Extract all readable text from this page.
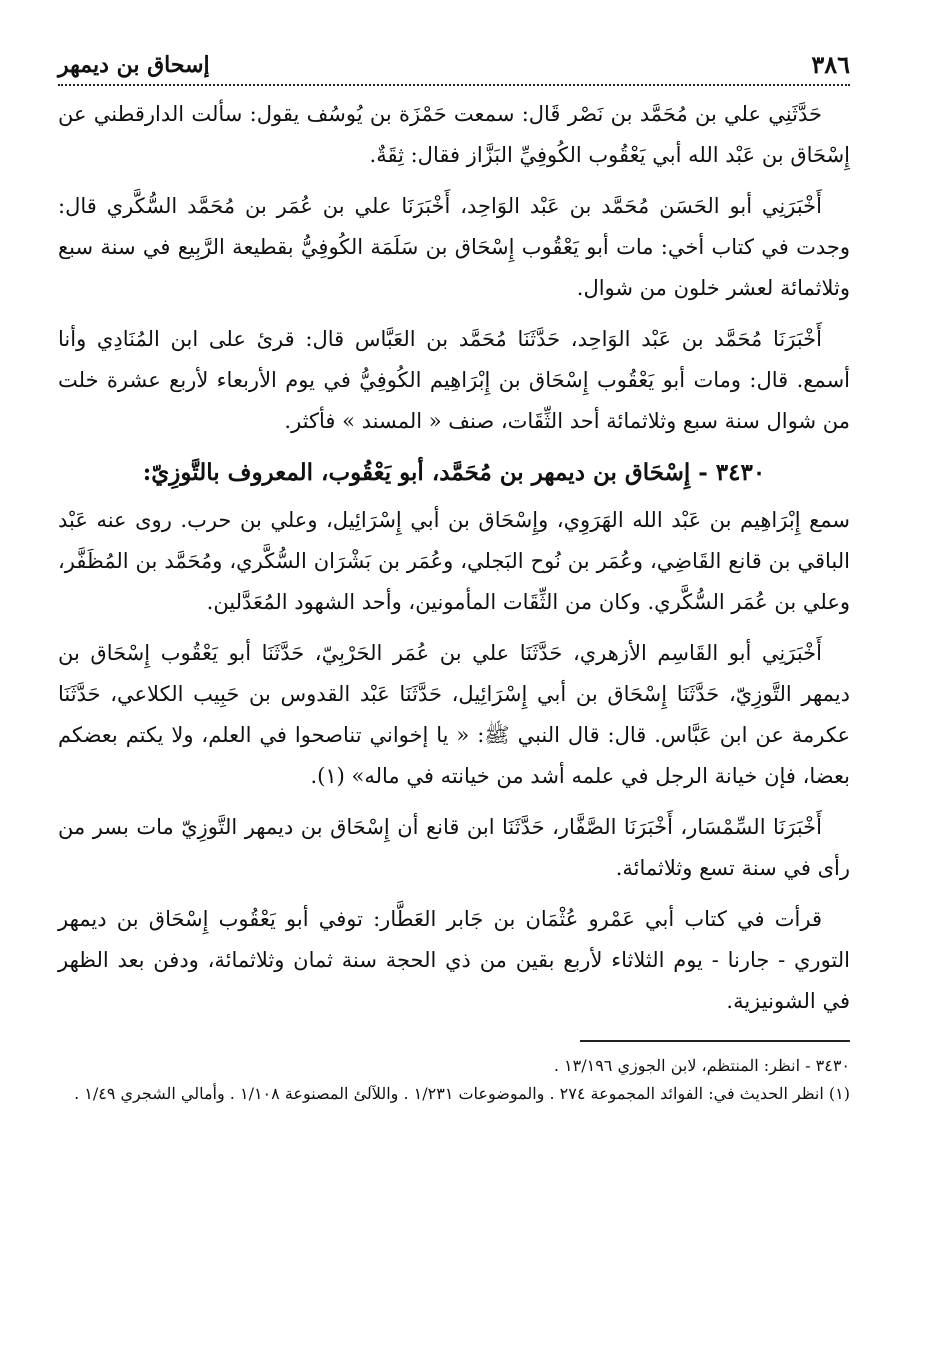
٣٨٦
إسحاق بن ديمهر

حَدَّثَنِي علي بن مُحَمَّد بن نَصْر قَال: سمعت حَمْزَة بن يُوسُف يقول: سألت الدارقطني عن إِسْحَاق بن عَبْد الله أبي يَعْقُوب الكُوفِيِّ البَزَّاز فقال: ثِقَةٌ.

أَخْبَرَنِي أبو الحَسَن مُحَمَّد بن عَبْد الوَاحِد، أَخْبَرَنَا علي بن عُمَر بن مُحَمَّد السُّكَّري قال: وجدت في كتاب أخي: مات أبو يَعْقُوب إِسْحَاق بن سَلَمَة الكُوفِيُّ بقطيعة الرَّبِيع في سنة سبع وثلاثمائة لعشر خلون من شوال.

أَخْبَرَنَا مُحَمَّد بن عَبْد الوَاحِد، حَدَّثَنَا مُحَمَّد بن العَبَّاس قال: قرئ على ابن المُنَادِي وأنا أسمع. قال: ومات أبو يَعْقُوب إِسْحَاق بن إِبْرَاهِيم الكُوفِيُّ في يوم الأربعاء لأربع عشرة خلت من شوال سنة سبع وثلاثمائة أحد الثِّقَات، صنف « المسند » فأكثر.

٣٤٣٠ - إِسْحَاق بن ديمهر بن مُحَمَّد، أبو يَعْقُوب، المعروف بالتَّوزِيّ:

سمع إِبْرَاهِيم بن عَبْد الله الهَرَوِي، وإِسْحَاق بن أبي إِسْرَائِيل، وعلي بن حرب. روى عنه عَبْد الباقي بن قانع القَاضِي، وعُمَر بن نُوح البَجلي، وعُمَر بن بَشْرَان السُّكَّري، ومُحَمَّد بن المُظَفَّر، وعلي بن عُمَر السُّكَّري. وكان من الثِّقَات المأمونين، وأحد الشهود المُعَدَّلين.

أَخْبَرَنِي أبو القَاسِم الأزهري، حَدَّثَنَا علي بن عُمَر الحَرْبِيّ، حَدَّثَنَا أبو يَعْقُوب إِسْحَاق بن ديمهر التَّوزِيّ، حَدَّثَنَا إِسْحَاق بن أبي إِسْرَائِيل، حَدَّثَنَا عَبْد القدوس بن حَبِيب الكلاعي، حَدَّثَنَا عكرمة عن ابن عَبَّاس. قال: قال النبي ﷺ: « يا إخواني تناصحوا في العلم، ولا يكتم بعضكم بعضا، فإن خيانة الرجل في علمه أشد من خيانته في ماله» (١).

أَخْبَرَنَا السِّمْسَار، أَخْبَرَنَا الصَّفَّار، حَدَّثَنَا ابن قانع أن إِسْحَاق بن ديمهر التَّوزِيّ مات بسر من رأى في سنة تسع وثلاثمائة.

قرأت في كتاب أبي عَمْرو عُثْمَان بن جَابر العَطَّار: توفي أبو يَعْقُوب إِسْحَاق بن ديمهر التوري - جارنا - يوم الثلاثاء لأربع بقين من ذي الحجة سنة ثمان وثلاثمائة، ودفن بعد الظهر في الشونيزية.

٣٤٣٠ - انظر: المنتظم، لابن الجوزي ١٣/١٩٦ .

(١) انظر الحديث في: الفوائد المجموعة ٢٧٤ . والموضوعات ١/٢٣١ . واللآلئ المصنوعة ١/١٠٨ . وأمالي الشجري ١/٤٩ .
